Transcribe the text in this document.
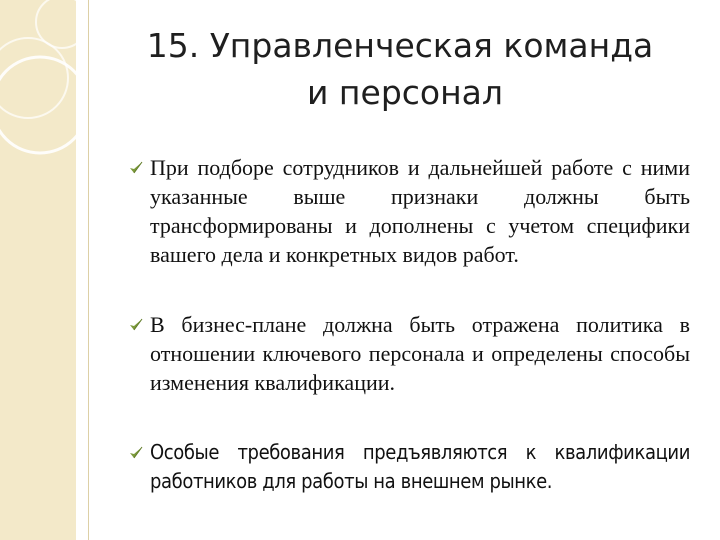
15. Управленческая команда
и персонал
При подборе сотрудников и дальнейшей работе с ними указанные выше признаки должны быть трансформированы и дополнены с учетом специфики вашего дела и конкретных видов работ.
В бизнес-плане должна быть отражена политика в отношении ключевого персонала и определены способы изменения квалификации.
Особые требования предъявляются к квалификации работников для работы на внешнем рынке.
